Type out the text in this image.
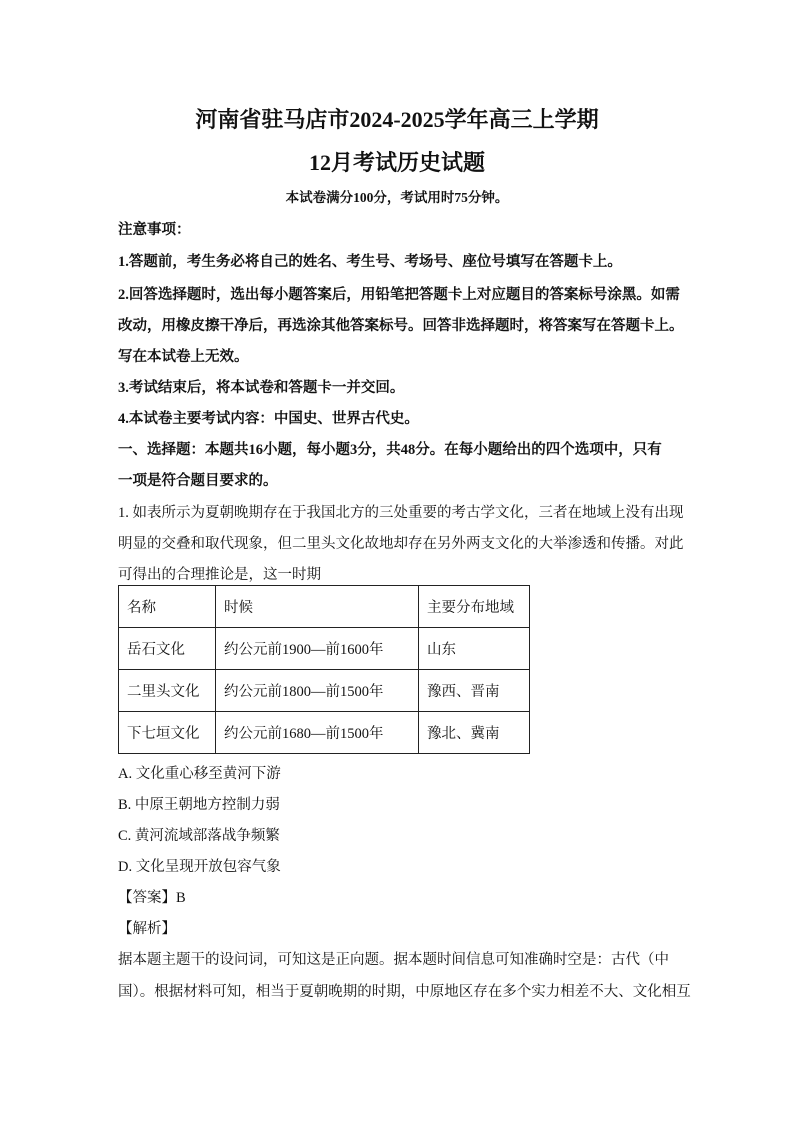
河南省驻马店市2024-2025学年高三上学期
12月考试历史试题
本试卷满分100分，考试用时75分钟。
注意事项：
1.答题前，考生务必将自己的姓名、考生号、考场号、座位号填写在答题卡上。
2.回答选择题时，选出每小题答案后，用铅笔把答题卡上对应题目的答案标号涂黑。如需
改动，用橡皮擦干净后，再选涂其他答案标号。回答非选择题时，将答案写在答题卡上。
写在本试卷上无效。
3.考试结束后，将本试卷和答题卡一并交回。
4.本试卷主要考试内容：中国史、世界古代史。
一、选择题：本题共16小题，每小题3分，共48分。在每小题给出的四个选项中，只有
一项是符合题目要求的。
1. 如表所示为夏朝晚期存在于我国北方的三处重要的考古学文化，三者在地域上没有出现
明显的交叠和取代现象，但二里头文化故地却存在另外两支文化的大举渗透和传播。对此
可得出的合理推论是，这一时期
名称	时候	主要分布地域
岳石文化	约公元前1900—前1600年	山东
二里头文化	约公元前1800—前1500年	豫西、晋南
下七垣文化	约公元前1680—前1500年	豫北、冀南
A. 文化重心移至黄河下游
B. 中原王朝地方控制力弱
C. 黄河流域部落战争频繁
D. 文化呈现开放包容气象
【答案】B
【解析】
据本题主题干的设问词，可知这是正向题。据本题时间信息可知准确时空是：古代（中
国）。根据材料可知，相当于夏朝晚期的时期，中原地区存在多个实力相差不大、文化相互
